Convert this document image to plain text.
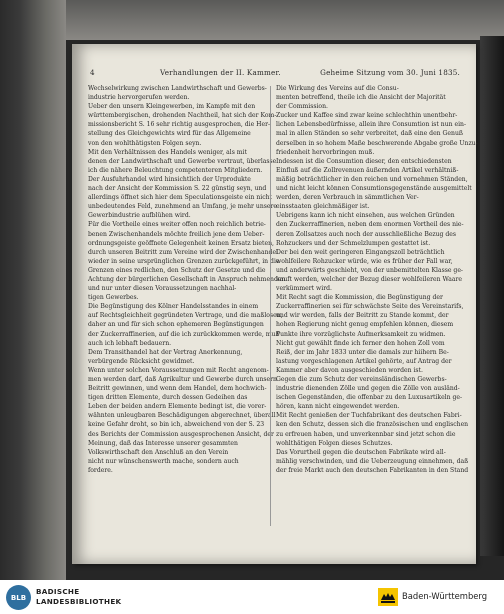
4	Verhandlungen der II. Kammer.	Geheime Sitzung vom 30. Juni 1835.

Wechselwirkung zwischen Landwirthschaft und Gewerbs-

industrie hervorgerufen werden.

Ueber den unsern Kleingewerben, im Kampfe mit den

württembergischen, drohenden Nachtheil, hat sich der Kom-

missionsbericht S. 16 sehr richtig ausgesprochen, die Her-

stellung des Gleichgewichts wird für das Allgemeine

von den wohlthätigsten Folgen seyn.

Mit den Verhältnissen des Handels weniger, als mit

denen der Landwirthschaft und Gewerbe vertraut, überlasse

ich die nähere Beleuchtung competenteren Mitgliedern.

Der Ausfuhrhandel wird hinsichtlich der Urprodukte

nach der Ansicht der Kommission S. 22 günstig seyn, und

allerdings öffnet sich hier dem Speculationsgeiste ein nicht

unbedeutendes Feld, zunehmend an Umfang, je mehr unsere

Gewerbindustrie aufblühen wird.

Für die Vortheile eines weiter offen noch reichlich betrie-

benen Zwischenhandels möchte freilich jene dem Ueber-

ordnungsgeiste geöffnete Gelegenheit keinen Ersatz bieten,

durch unseren Beitritt zum Vereine wird der Zwischenhandel

wieder in seine ursprünglichen Grenzen zurückgeführt, in die

Grenzen eines redlichen, den Schutz der Gesetze und die

Achtung der bürgerlichen Gesellschaft in Anspruch nehmenden

und nur unter diesen Voraussetzungen nachhal-

tigen Gewerbes.

Die Begünstigung des Kölner Handelsstandes in einem

auf Rechtsgleichheit gegründeten Vertrage, und die maßlosen,

daher an und für sich schon ephemeren Begünstigungen

der Zuckerraffinerien, auf die ich zurückkommen werde, muß

auch ich lebhaft bedauern.

Dem Transithandel hat der Vertrag Anerkennung,

verbürgende Rücksicht gewidmet.

Wenn unter solchen Voraussetzungen mit Recht angenom-

men werden darf, daß Agrikultur und Gewerbe durch unsern

Beitritt gewinnen, und wenn dem Handel, dem hochwich-

tigen dritten Elemente, durch dessen Gedeihen das

Leben der beiden andern Elemente bedingt ist, die vorer-

wähnten unleugbaren Beschädigungen abgerechnet, überall

keine Gefahr droht, so bin ich, abweichend von der S. 23

des Berichts der Commission ausgesprochenen Ansicht, der

Meinung, daß das Interesse unserer gesammten

Volkswirthschaft den Anschluß an den Verein

nicht nur wünschenswerth mache, sondern auch

fordere.

Die Wirkung des Vereins auf die Consu-

menten betreffend, theile ich die Ansicht der Majorität

der Commission.

Zucker und Kaffee sind zwar keine schlechthin unentbehr-

lichen Lebensbedürfnisse, allein ihre Consumtion ist nun ein-

mal in allen Ständen so sehr verbreitet, daß eine den Genuß

derselben in so hohem Maße beschwerende Abgabe große Unzu-

friedenheit hervorbringen muß.

Indessen ist die Consumtion dieser, den entschiedensten

Einfluß auf die Zollrevenuen äußernden Artikel verhältniß-

mäßig beträchtlicher in den reichen und vornehmen Ständen,

und nicht leicht können Consumtionsgegenstände ausgemittelt

werden, deren Verbrauch in sämmtlichen Ver-

einsstaaten gleichmäßiger ist.

Uebrigens kann ich nicht einsehen, aus welchen Gründen

den Zuckerraffinerien, neben dem enormen Vortheil des nie-

deren Zollsatzes auch noch der ausschließliche Bezug des

Rohzuckers und der Schmelzlumpen gestattet ist.

Der bei den weit geringeren Eingangszoll beträchtlich

wohlfeilere Rohzucker würde, wie es früher der Fall war,

und anderwärts geschieht, von der unbemittelten Klasse ge-

kauft werden, welcher der Bezug dieser wohlfeileren Waare

verkümmert wird.

Mit Recht sagt die Kommission, die Begünstigung der

Zuckerraffinerien sei für schwächste Seite des Vereinstarifs,

und wir werden, falls der Beitritt zu Stande kommt, der

hohen Regierung nicht genug empfehlen können, diesem

Punkte ihre vorzüglichste Aufmerksamkeit zu widmen.

Nicht gut gewählt finde ich ferner den hohen Zoll vom

Reiß, der im Jahr 1833 unter die damals zur hiihern Be-

lastung vorgeschlagenen Artikel gehörte, auf Antrag der

Kammer aber davon ausgeschieden worden ist.

Gegen die zum Schutz der vereinsländischen Gewerbs-

industrie dienenden Zölle und gegen die Zölle von ausländ-

ischen Gegenständen, die offenbar zu den Luxusartikeln ge-

hören, kann nicht eingewendet werden.

Mit Recht genießen der Tuchfabrikant des deutschen Fabri-

ken den Schutz, dessen sich die französischen und englischen

zu erfreuen haben, und unverkennbar sind jetzt schon die

wohlthätigen Folgen dieses Schutzes.

Das Vorurtheil gegen die deutschen Fabrikate wird all-

mählig verschwinden, und die Ueberzeugung einnehmen, daß

der freie Markt auch den deutschen Fabrikanten in den Stand

BLB
BADISCHE
LANDESBIBLIOTHEK
Baden-Württemberg
